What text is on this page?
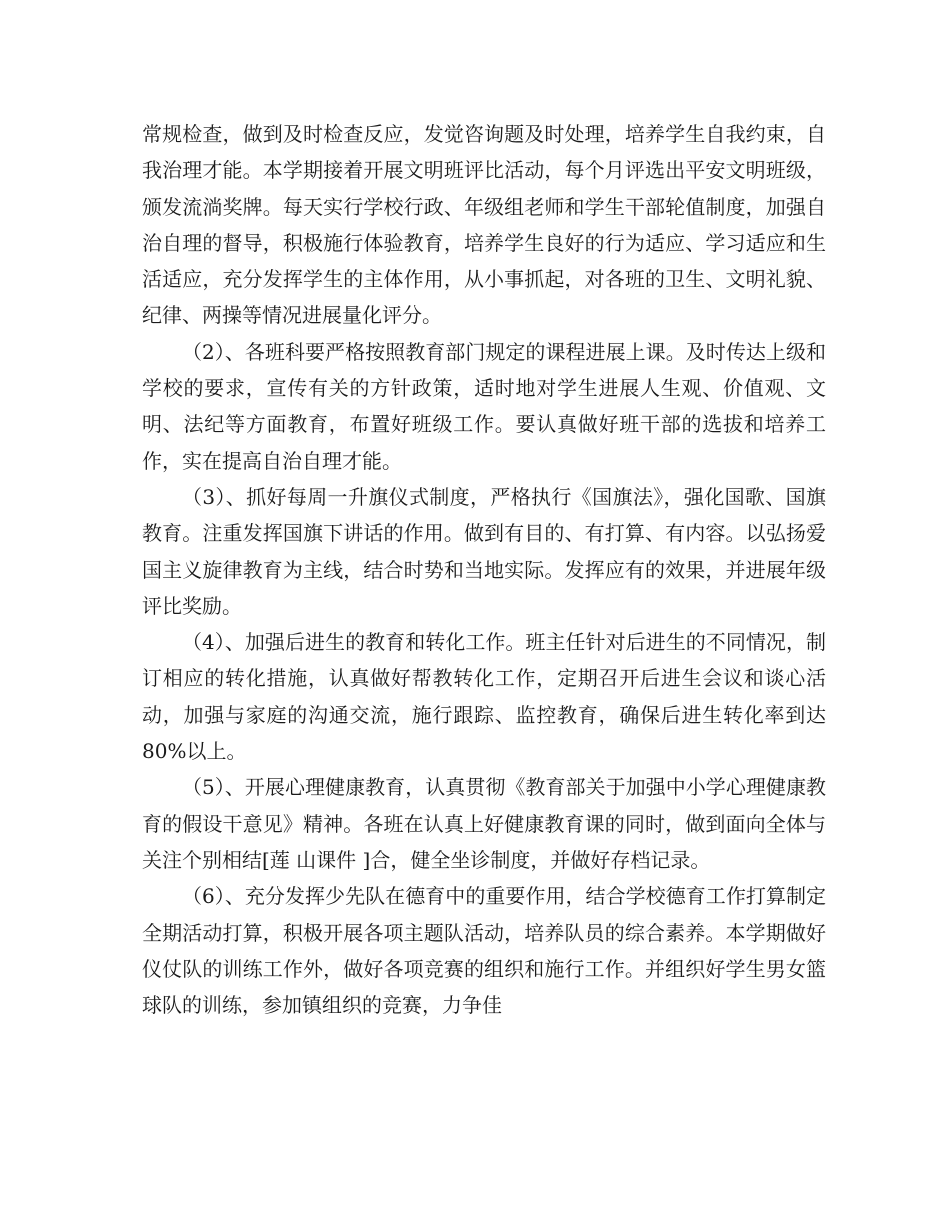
常规检查，做到及时检查反应，发觉咨询题及时处理，培养学生自我约束，自我治理才能。本学期接着开展文明班评比活动，每个月评选出平安文明班级，颁发流淌奖牌。每天实行学校行政、年级组老师和学生干部轮值制度，加强自治自理的督导，积极施行体验教育，培养学生良好的行为适应、学习适应和生活适应，充分发挥学生的主体作用，从小事抓起，对各班的卫生、文明礼貌、纪律、两操等情况进展量化评分。

（2）、各班科要严格按照教育部门规定的课程进展上课。及时传达上级和学校的要求，宣传有关的方针政策，适时地对学生进展人生观、价值观、文明、法纪等方面教育，布置好班级工作。要认真做好班干部的选拔和培养工作，实在提高自治自理才能。

（3）、抓好每周一升旗仪式制度，严格执行《国旗法》，强化国歌、国旗教育。注重发挥国旗下讲话的作用。做到有目的、有打算、有内容。以弘扬爱国主义旋律教育为主线，结合时势和当地实际。发挥应有的效果，并进展年级评比奖励。

（4）、加强后进生的教育和转化工作。班主任针对后进生的不同情况，制订相应的转化措施，认真做好帮教转化工作，定期召开后进生会议和谈心活动，加强与家庭的沟通交流，施行跟踪、监控教育，确保后进生转化率到达80%以上。

（5）、开展心理健康教育，认真贯彻《教育部关于加强中小学心理健康教育的假设干意见》精神。各班在认真上好健康教育课的同时，做到面向全体与关注个别相结[莲 山课件 ]合，健全坐诊制度，并做好存档记录。

（6）、充分发挥少先队在德育中的重要作用，结合学校德育工作打算制定全期活动打算，积极开展各项主题队活动，培养队员的综合素养。本学期做好仪仗队的训练工作外，做好各项竞赛的组织和施行工作。并组织好学生男女篮球队的训练，参加镇组织的竞赛，力争佳
